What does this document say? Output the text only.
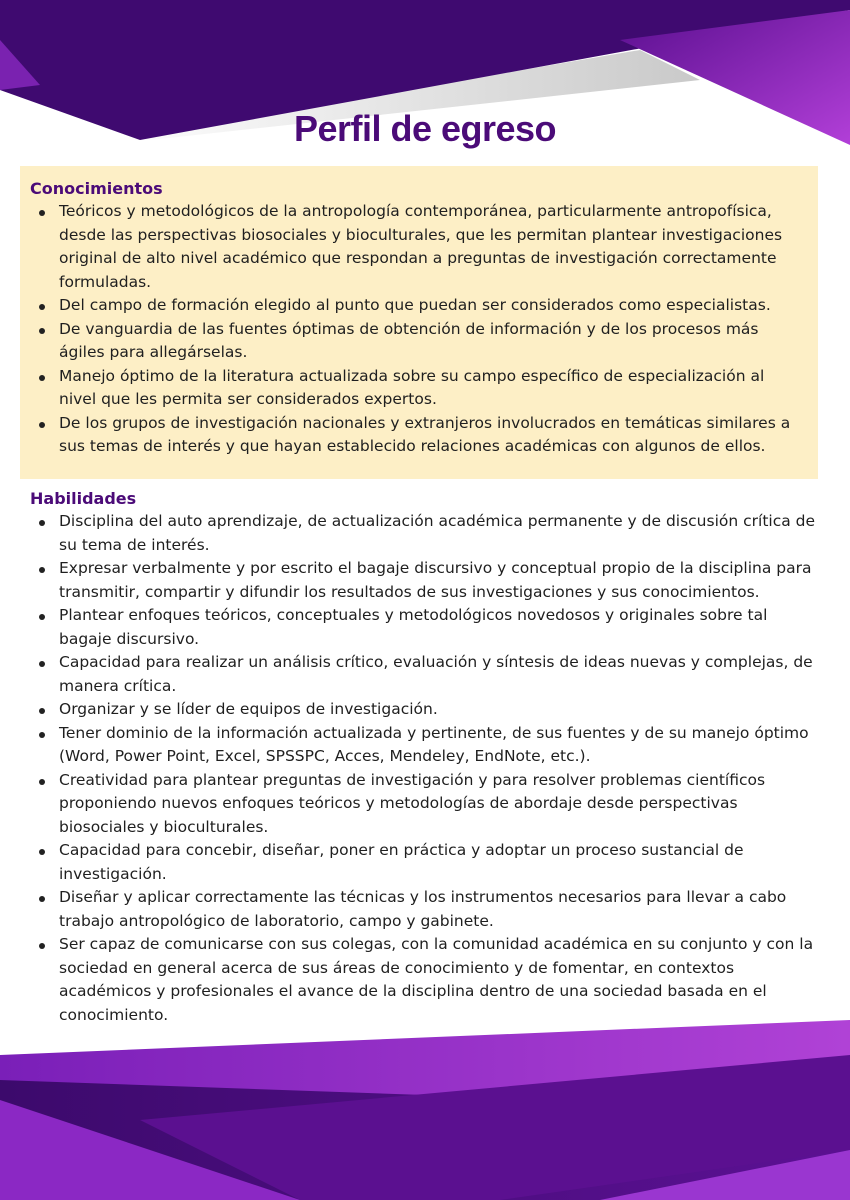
Perfil de egreso
Conocimientos
Teóricos y metodológicos de la antropología contemporánea, particularmente antropofísica, desde las perspectivas biosociales y bioculturales, que les permitan plantear investigaciones original de alto nivel académico que respondan a preguntas de investigación correctamente formuladas.
Del campo de formación elegido al punto que puedan ser considerados como especialistas.
De vanguardia de las fuentes óptimas de obtención de información y de los procesos más ágiles para allegárselas.
Manejo óptimo de la literatura actualizada sobre su campo específico de especialización al nivel que les permita ser considerados expertos.
De los grupos de investigación nacionales y extranjeros involucrados en temáticas similares a sus temas de interés y que hayan establecido relaciones académicas con algunos de ellos.
Habilidades
Disciplina del auto aprendizaje, de actualización académica permanente y de discusión crítica de su tema de interés.
Expresar verbalmente y por escrito el bagaje discursivo y conceptual propio de la disciplina para transmitir, compartir y difundir los resultados de sus investigaciones y sus conocimientos.
Plantear enfoques teóricos, conceptuales y metodológicos novedosos y originales sobre tal bagaje discursivo.
Capacidad para realizar un análisis crítico, evaluación y síntesis de ideas nuevas y complejas, de manera crítica.
Organizar y se líder de equipos de investigación.
Tener dominio de la información actualizada y pertinente, de sus fuentes y de su manejo óptimo (Word, Power Point, Excel, SPSSPC, Acces, Mendeley, EndNote, etc.).
Creatividad para plantear preguntas de investigación y para resolver problemas científicos proponiendo nuevos enfoques teóricos y metodologías de abordaje desde perspectivas biosociales y bioculturales.
Capacidad para concebir, diseñar, poner en práctica y adoptar un proceso sustancial de investigación.
Diseñar y aplicar correctamente las técnicas y los instrumentos necesarios para llevar a cabo trabajo antropológico de laboratorio, campo y gabinete.
Ser capaz de comunicarse con sus colegas, con la comunidad académica en su conjunto y con la sociedad en general acerca de sus áreas de conocimiento y de fomentar, en contextos académicos y profesionales el avance de la disciplina dentro de una sociedad basada en el conocimiento.
